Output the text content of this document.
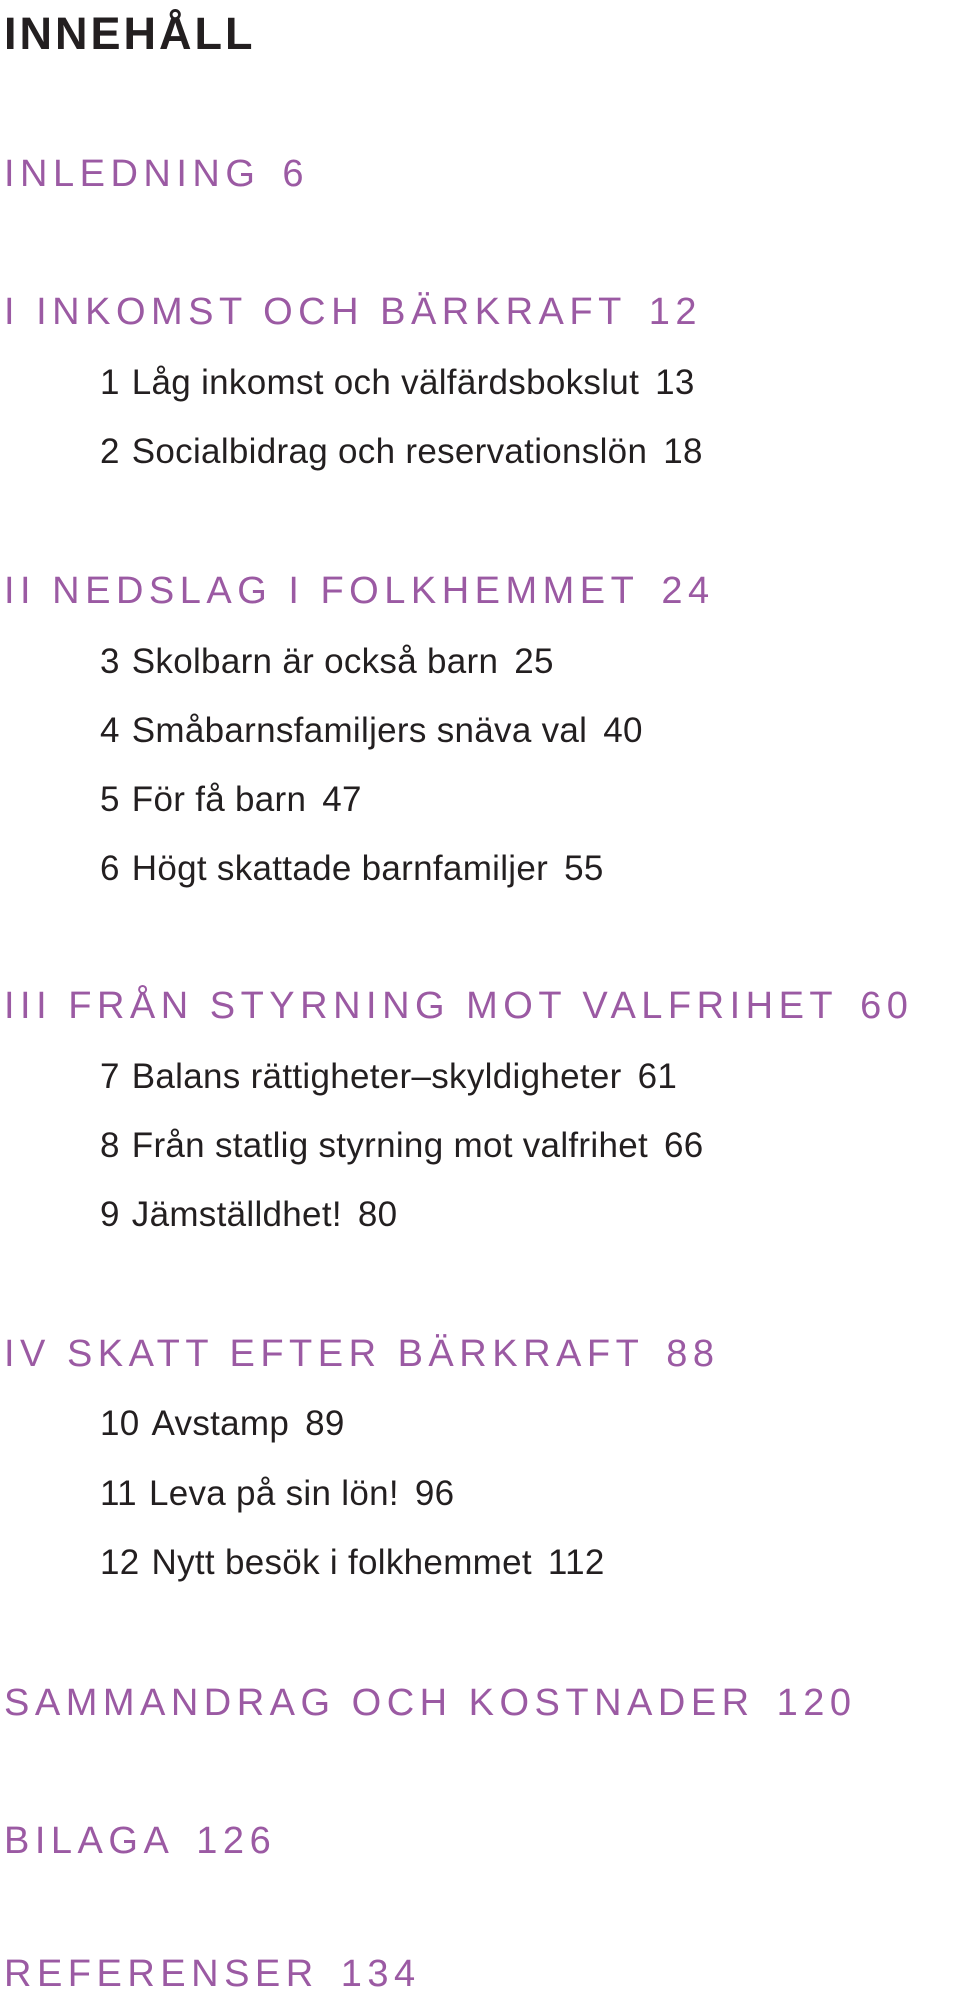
INNEHÅLL
INLEDNING 6
I INKOMST OCH BÄRKRAFT 12
1 Låg inkomst och välfärdsbokslut 13
2 Socialbidrag och reservationslön 18
II NEDSLAG I FOLKHEMMET 24
3 Skolbarn är också barn 25
4 Småbarnsfamiljers snäva val 40
5 För få barn 47
6 Högt skattade barnfamiljer 55
III FRÅN STYRNING MOT VALFRIHET 60
7 Balans rättigheter–skyldigheter 61
8 Från statlig styrning mot valfrihet 66
9 Jämställdhet! 80
IV SKATT EFTER BÄRKRAFT 88
10 Avstamp 89
11 Leva på sin lön! 96
12 Nytt besök i folkhemmet 112
SAMMANDRAG OCH KOSTNADER 120
BILAGA 126
REFERENSER 134
